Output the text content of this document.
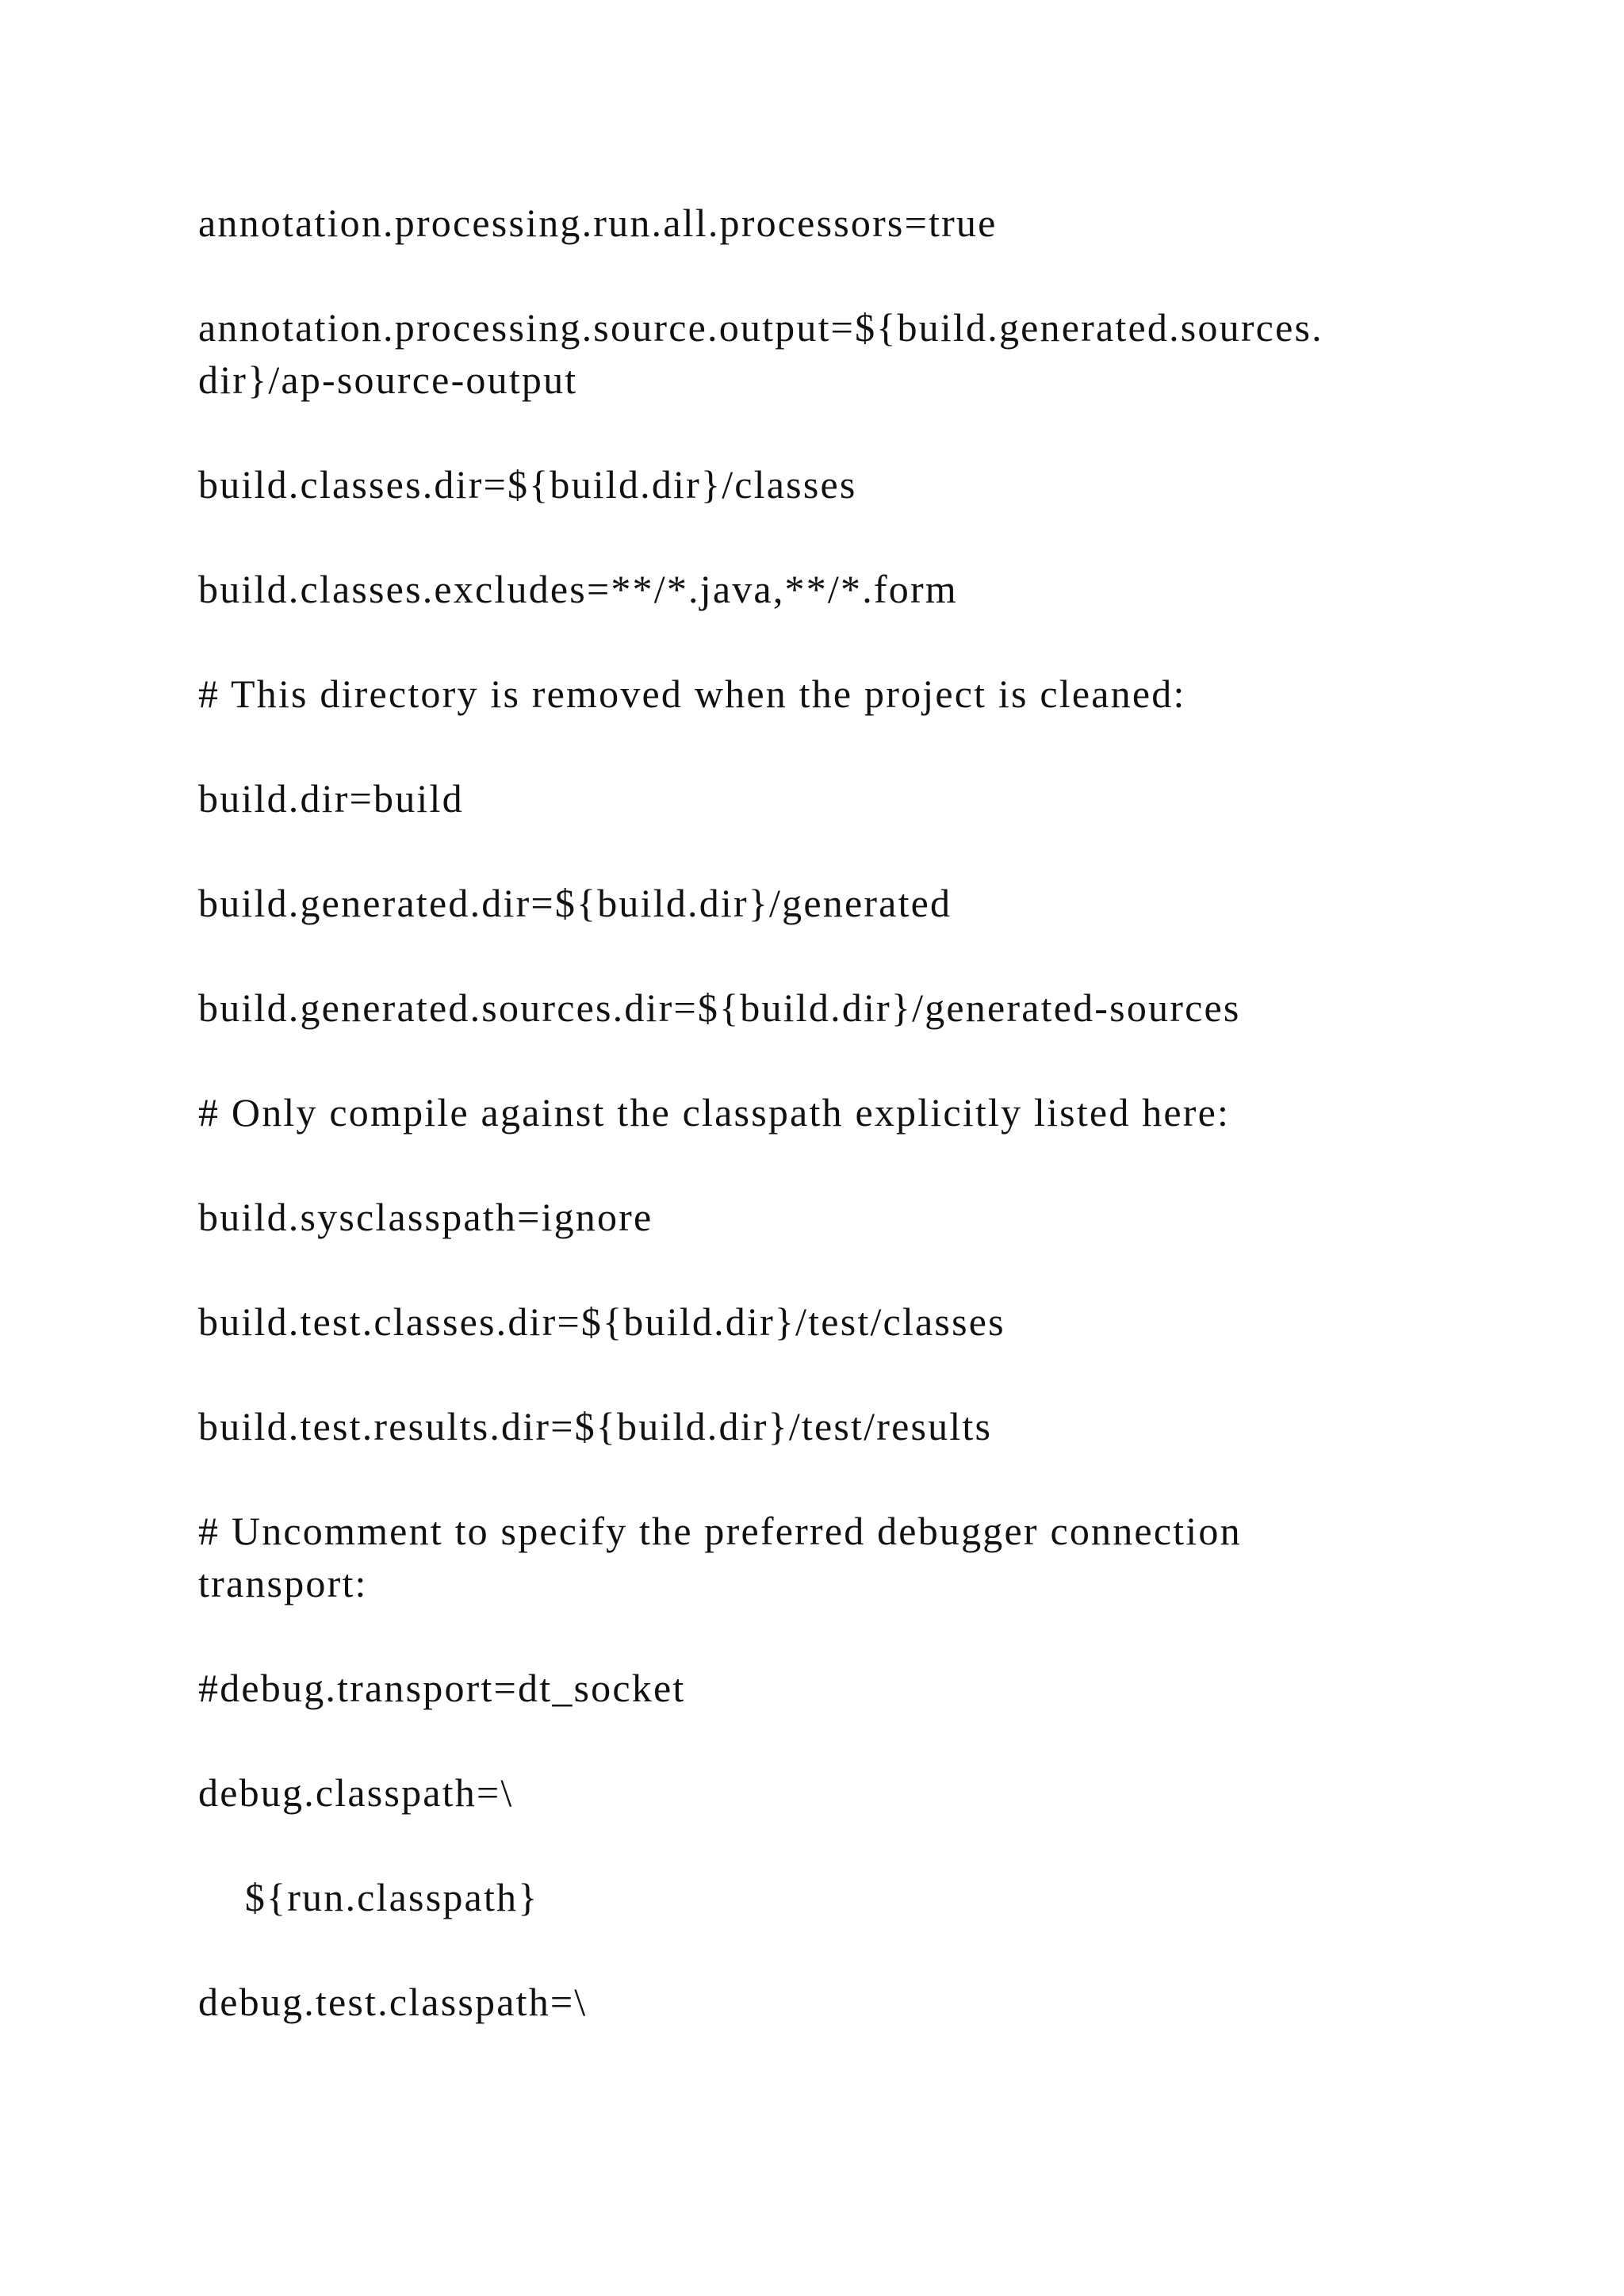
annotation.processing.run.all.processors=true

annotation.processing.source.output=${build.generated.sources.
dir}/ap-source-output

build.classes.dir=${build.dir}/classes

build.classes.excludes=**/*.java,**/*.form

# This directory is removed when the project is cleaned:

build.dir=build

build.generated.dir=${build.dir}/generated

build.generated.sources.dir=${build.dir}/generated-sources

# Only compile against the classpath explicitly listed here:

build.sysclasspath=ignore

build.test.classes.dir=${build.dir}/test/classes

build.test.results.dir=${build.dir}/test/results

# Uncomment to specify the preferred debugger connection
transport:

#debug.transport=dt_socket

debug.classpath=\

${run.classpath}

debug.test.classpath=\
